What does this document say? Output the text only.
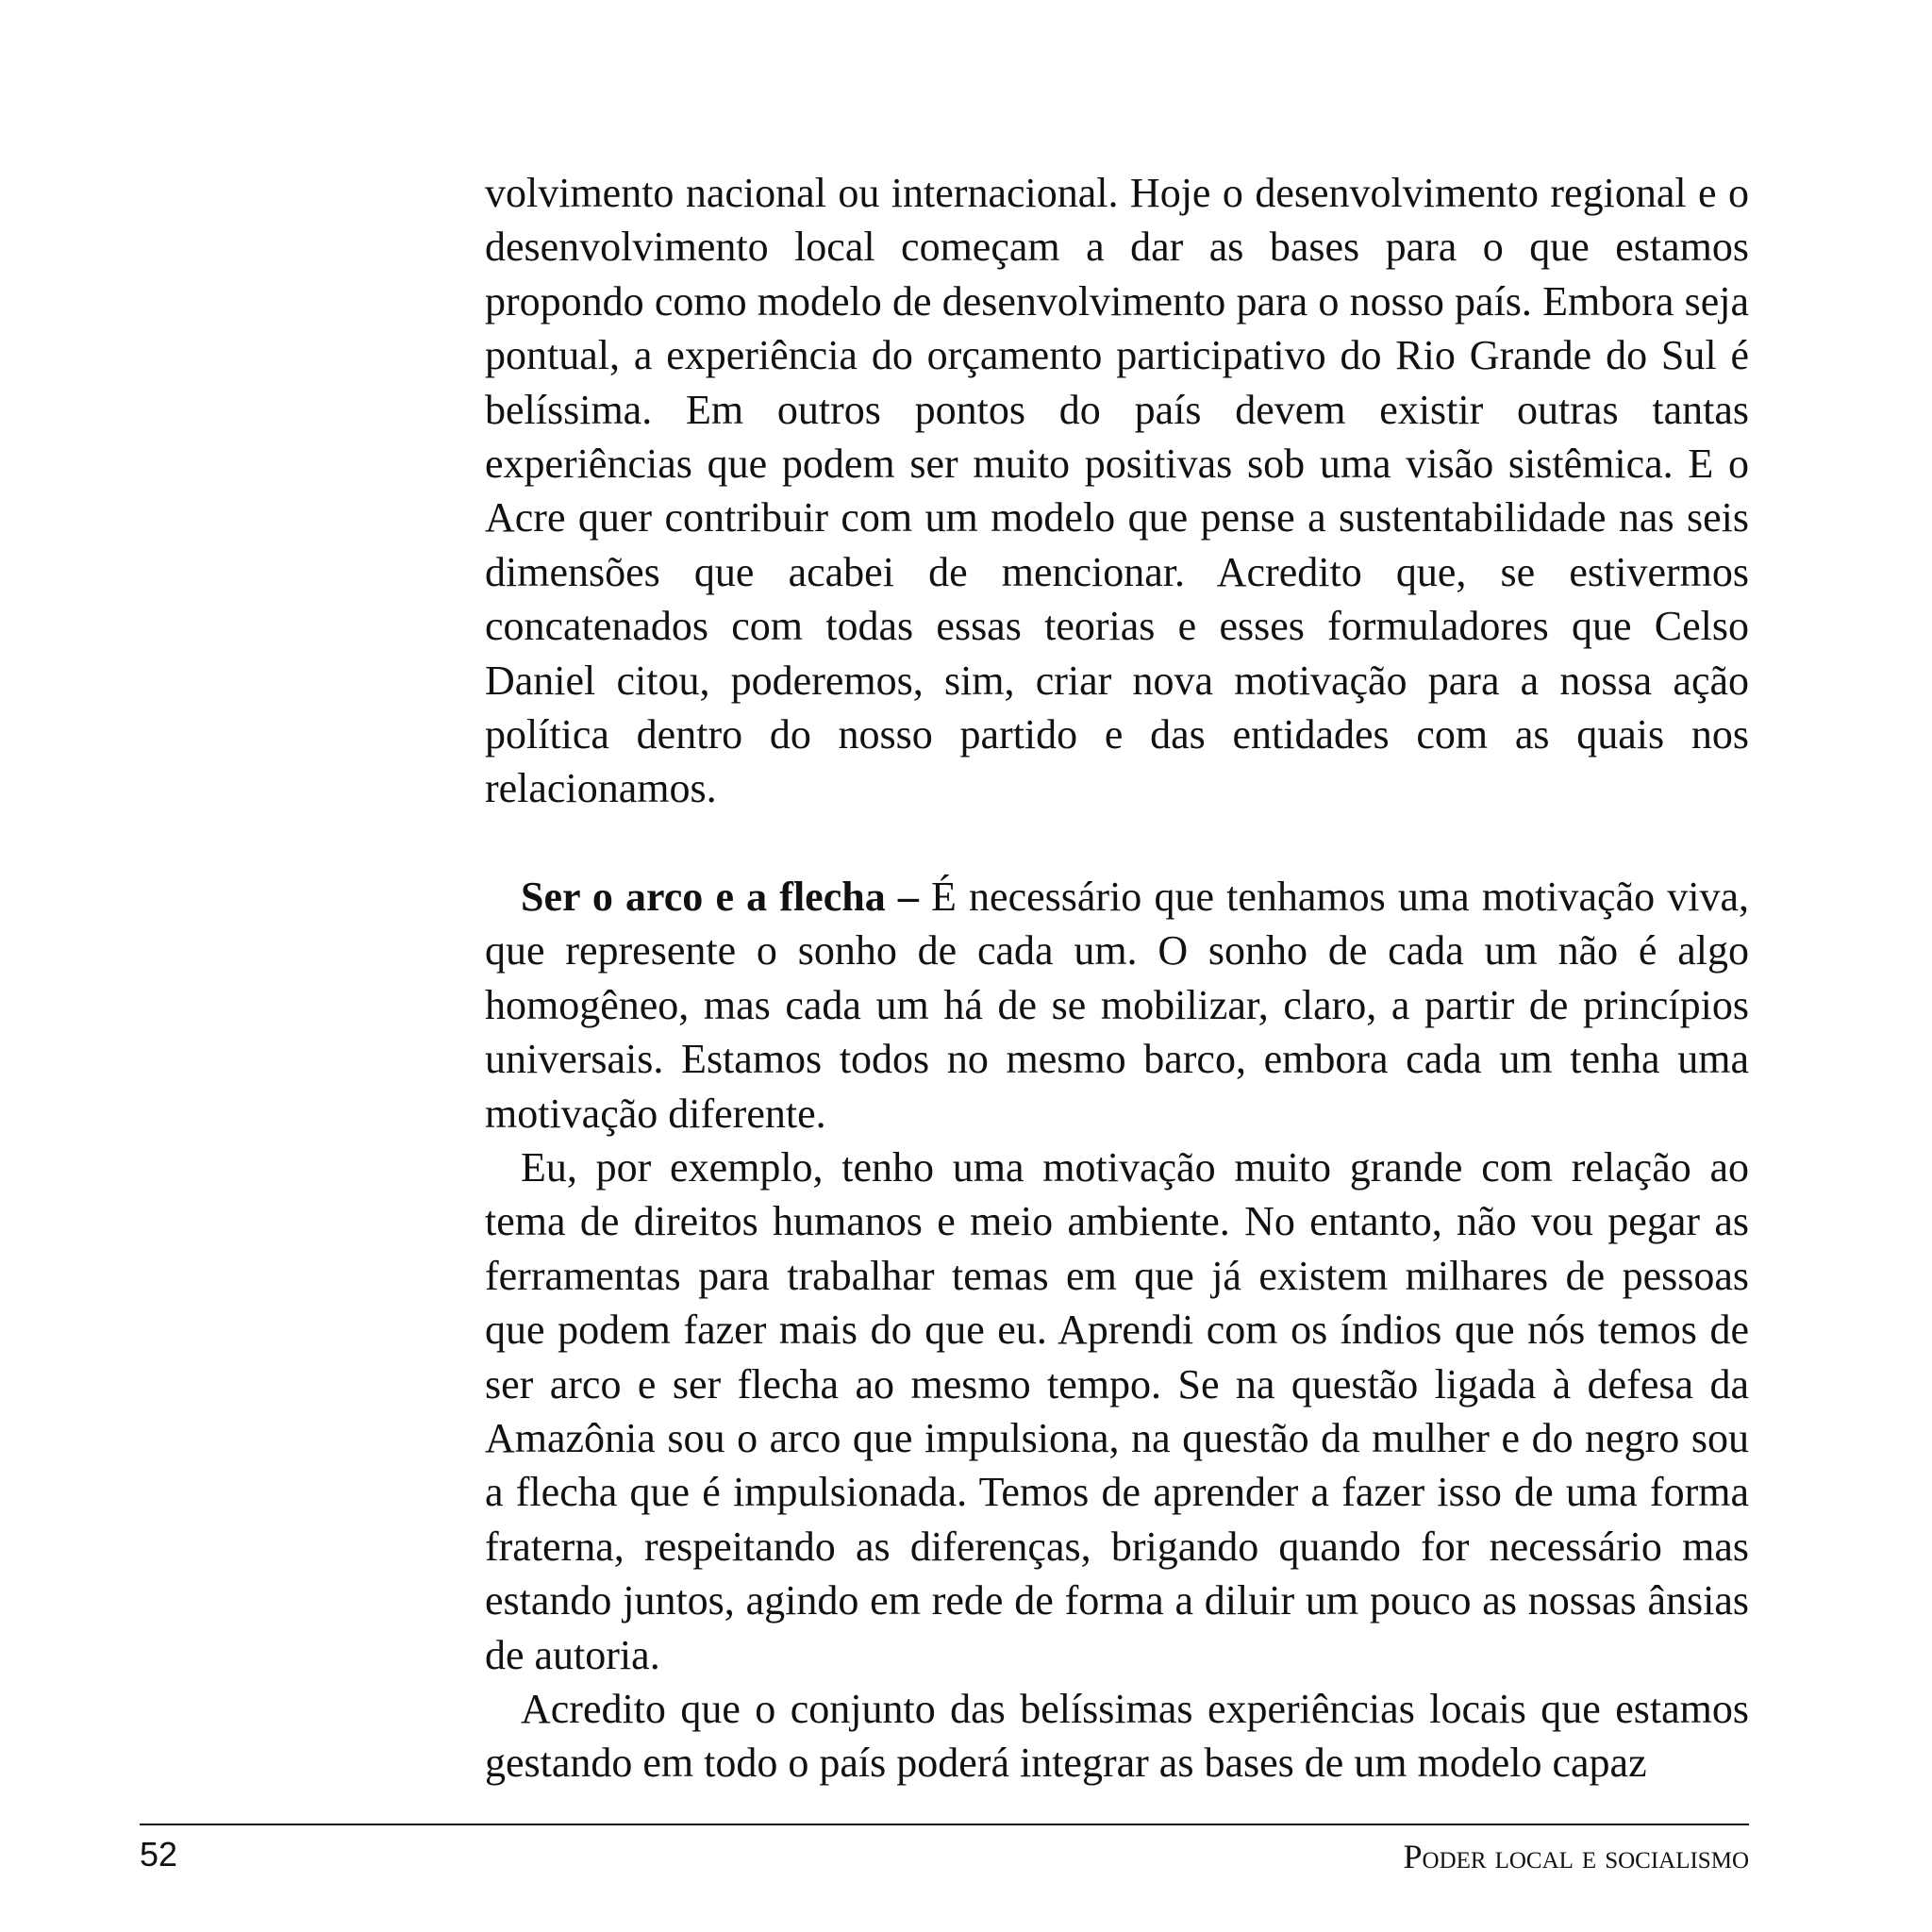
volvimento nacional ou internacional. Hoje o desenvolvimento regional e o desenvolvimento local começam a dar as bases para o que estamos propondo como modelo de desenvolvimento para o nosso país. Embora seja pontual, a experiência do orçamento participativo do Rio Grande do Sul é belíssima. Em outros pontos do país devem existir outras tantas experiências que podem ser muito positivas sob uma visão sistêmica. E o Acre quer contribuir com um modelo que pense a sustentabilidade nas seis dimensões que acabei de mencionar. Acredito que, se estivermos concatenados com todas essas teorias e esses formuladores que Celso Daniel citou, poderemos, sim, criar nova motivação para a nossa ação política dentro do nosso partido e das entidades com as quais nos relacionamos.

Ser o arco e a flecha – É necessário que tenhamos uma motivação viva, que represente o sonho de cada um. O sonho de cada um não é algo homogêneo, mas cada um há de se mobilizar, claro, a partir de princípios universais. Estamos todos no mesmo barco, embora cada um tenha uma motivação diferente.

Eu, por exemplo, tenho uma motivação muito grande com relação ao tema de direitos humanos e meio ambiente. No entanto, não vou pegar as ferramentas para trabalhar temas em que já existem milhares de pessoas que podem fazer mais do que eu. Aprendi com os índios que nós temos de ser arco e ser flecha ao mesmo tempo. Se na questão ligada à defesa da Amazônia sou o arco que impulsiona, na questão da mulher e do negro sou a flecha que é impulsionada. Temos de aprender a fazer isso de uma forma fraterna, respeitando as diferenças, brigando quando for necessário mas estando juntos, agindo em rede de forma a diluir um pouco as nossas ânsias de autoria.

Acredito que o conjunto das belíssimas experiências locais que estamos gestando em todo o país poderá integrar as bases de um modelo capaz

52	Poder local e socialismo
